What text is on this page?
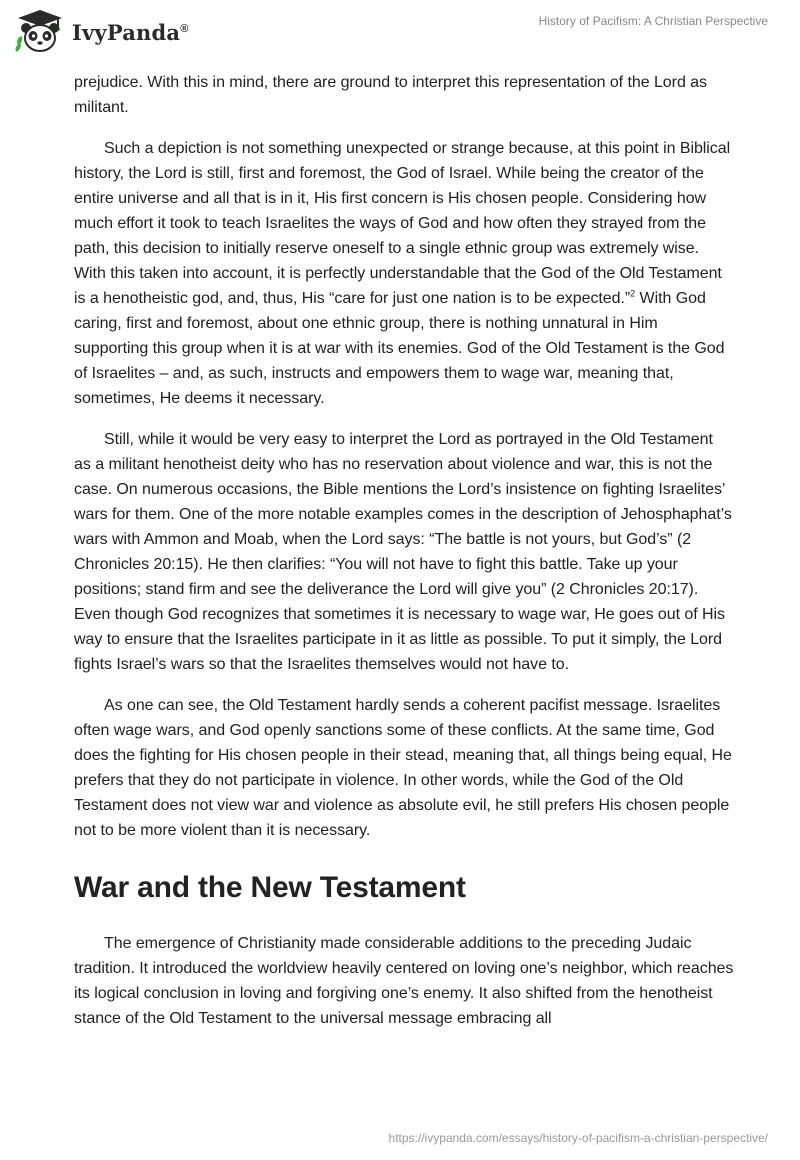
IvyPanda®
History of Pacifism: A Christian Perspective

prejudice. With this in mind, there are ground to interpret this representation of the Lord as militant.

Such a depiction is not something unexpected or strange because, at this point in Biblical history, the Lord is still, first and foremost, the God of Israel. While being the creator of the entire universe and all that is in it, His first concern is His chosen people. Considering how much effort it took to teach Israelites the ways of God and how often they strayed from the path, this decision to initially reserve oneself to a single ethnic group was extremely wise. With this taken into account, it is perfectly understandable that the God of the Old Testament is a henotheistic god, and, thus, His “care for just one nation is to be expected.”$^2$ With God caring, first and foremost, about one ethnic group, there is nothing unnatural in Him supporting this group when it is at war with its enemies. God of the Old Testament is the God of Israelites – and, as such, instructs and empowers them to wage war, meaning that, sometimes, He deems it necessary.

Still, while it would be very easy to interpret the Lord as portrayed in the Old Testament as a militant henotheist deity who has no reservation about violence and war, this is not the case. On numerous occasions, the Bible mentions the Lord’s insistence on fighting Israelites’ wars for them. One of the more notable examples comes in the description of Jehosphaphat’s wars with Ammon and Moab, when the Lord says: “The battle is not yours, but God’s” (2 Chronicles 20:15). He then clarifies: “You will not have to fight this battle. Take up your positions; stand firm and see the deliverance the Lord will give you” (2 Chronicles 20:17). Even though God recognizes that sometimes it is necessary to wage war, He goes out of His way to ensure that the Israelites participate in it as little as possible. To put it simply, the Lord fights Israel’s wars so that the Israelites themselves would not have to.

As one can see, the Old Testament hardly sends a coherent pacifist message. Israelites often wage wars, and God openly sanctions some of these conflicts. At the same time, God does the fighting for His chosen people in their stead, meaning that, all things being equal, He prefers that they do not participate in violence. In other words, while the God of the Old Testament does not view war and violence as absolute evil, he still prefers His chosen people not to be more violent than it is necessary.

War and the New Testament

The emergence of Christianity made considerable additions to the preceding Judaic tradition. It introduced the worldview heavily centered on loving one’s neighbor, which reaches its logical conclusion in loving and forgiving one’s enemy. It also shifted from the henotheist stance of the Old Testament to the universal message embracing all

https://ivypanda.com/essays/history-of-pacifism-a-christian-perspective/
